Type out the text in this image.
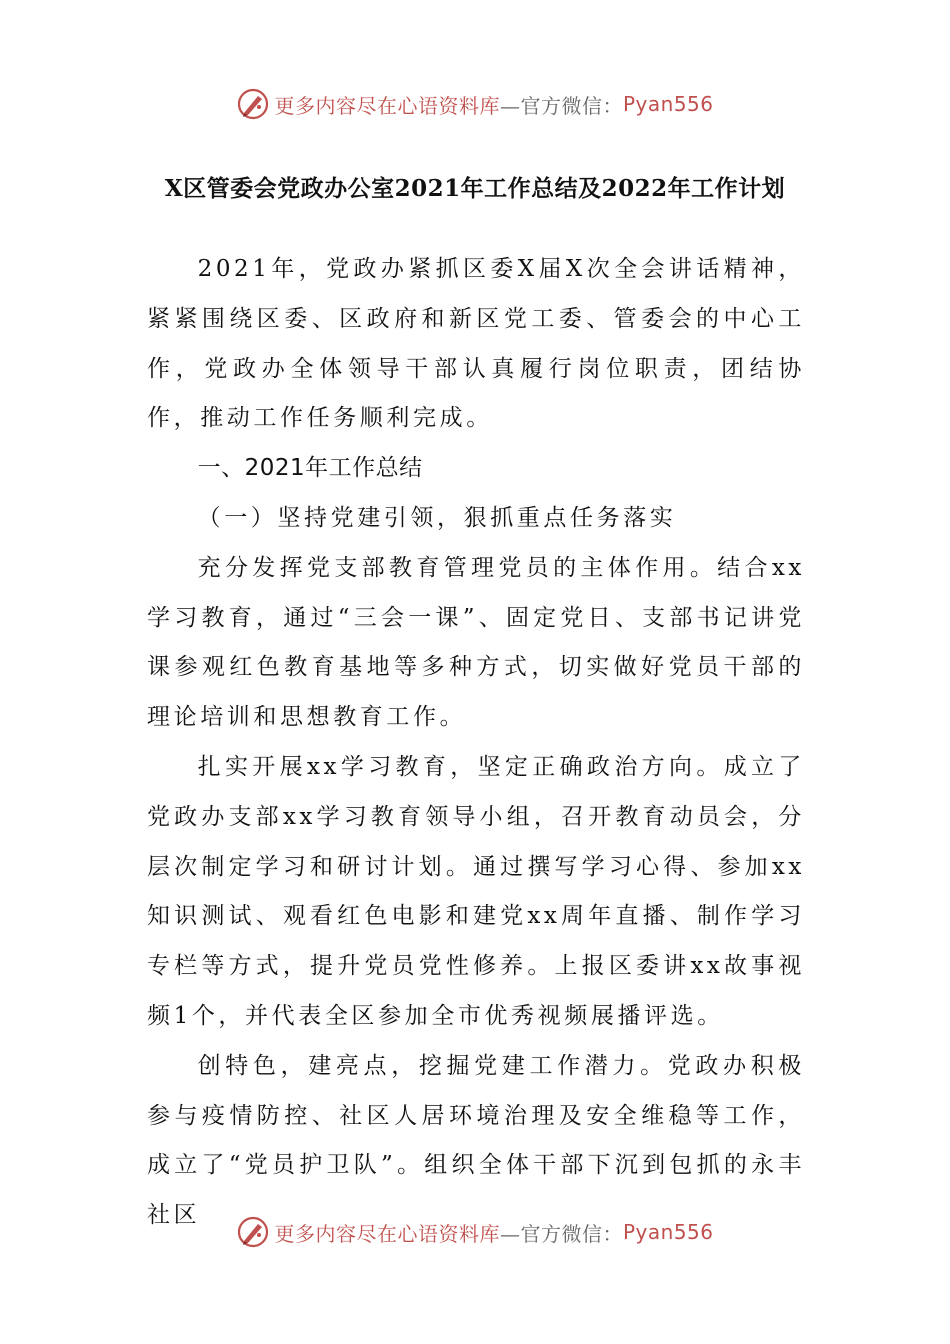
更多内容尽在心语资料库 —官方微信： Pyan556
X区管委会党政办公室2021年工作总结及2022年工作计划

2021年，党政办紧抓区委X届X次全会讲话精神，紧紧围绕区委、区政府和新区党工委、管委会的中心工作，党政办全体领导干部认真履行岗位职责，团结协作，推动工作任务顺利完成。

一、2021年工作总结

（一）坚持党建引领，狠抓重点任务落实

充分发挥党支部教育管理党员的主体作用。结合xx学习教育，通过“三会一课”、固定党日、支部书记讲党课参观红色教育基地等多种方式，切实做好党员干部的理论培训和思想教育工作。

扎实开展xx学习教育，坚定正确政治方向。成立了党政办支部xx学习教育领导小组，召开教育动员会，分层次制定学习和研讨计划。通过撰写学习心得、参加xx知识测试、观看红色电影和建党xx周年直播、制作学习专栏等方式，提升党员党性修养。上报区委讲xx故事视频1个，并代表全区参加全市优秀视频展播评选。

创特色，建亮点，挖掘党建工作潜力。党政办积极参与疫情防控、社区人居环境治理及安全维稳等工作，成立了“党员护卫队”。组织全体干部下沉到包抓的永丰社区

更多内容尽在心语资料库 —官方微信： Pyan556
